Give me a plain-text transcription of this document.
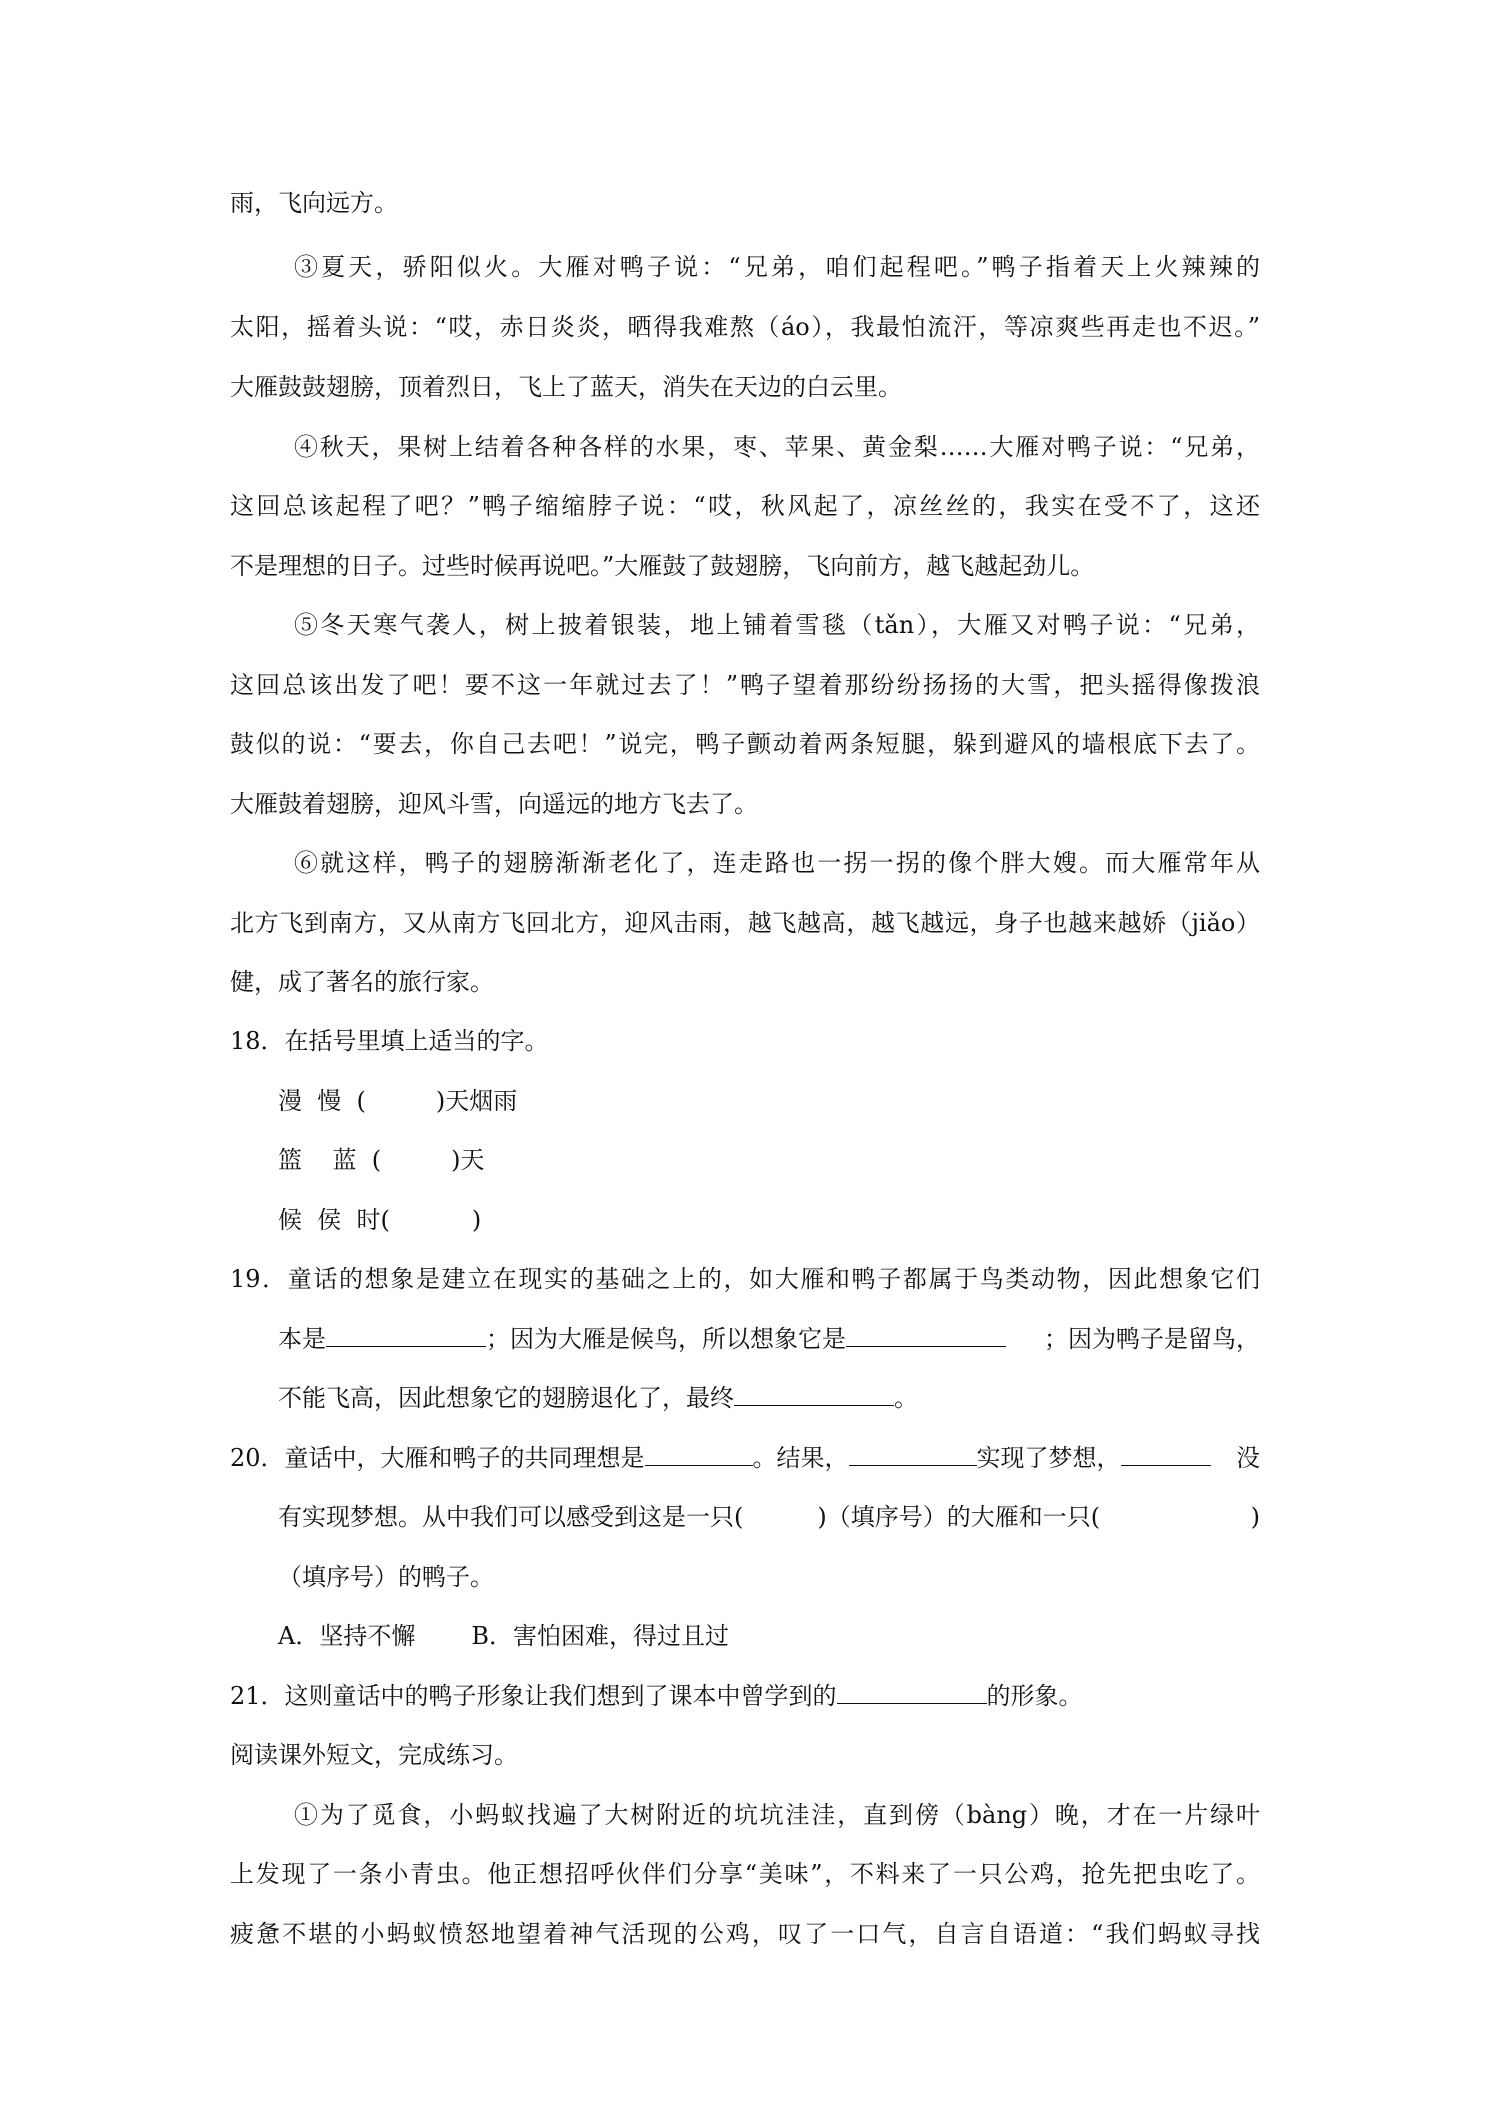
雨，飞向远方。
③夏天，骄阳似火。大雁对鸭子说：“兄弟，咱们起程吧。”鸭子指着天上火辣辣的
太阳，摇着头说：“哎，赤日炎炎，晒得我难熬（áo），我最怕流汗，等凉爽些再走也不迟。”
大雁鼓鼓翅膀，顶着烈日，飞上了蓝天，消失在天边的白云里。
④秋天，果树上结着各种各样的水果，枣、苹果、黄金梨……大雁对鸭子说：“兄弟，
这回总该起程了吧？”鸭子缩缩脖子说：“哎，秋风起了，凉丝丝的，我实在受不了，这还
不是理想的日子。过些时候再说吧。”大雁鼓了鼓翅膀，飞向前方，越飞越起劲儿。
⑤冬天寒气袭人，树上披着银装，地上铺着雪毯（tǎn），大雁又对鸭子说：“兄弟，
这回总该出发了吧！要不这一年就过去了！”鸭子望着那纷纷扬扬的大雪，把头摇得像拨浪
鼓似的说：“要去，你自己去吧！”说完，鸭子颤动着两条短腿，躲到避风的墙根底下去了。
大雁鼓着翅膀，迎风斗雪，向遥远的地方飞去了。
⑥就这样，鸭子的翅膀渐渐老化了，连走路也一拐一拐的像个胖大嫂。而大雁常年从
北方飞到南方，又从南方飞回北方，迎风击雨，越飞越高，越飞越远，身子也越来越娇（jiǎo）
健，成了著名的旅行家。
18．在括号里填上适当的字。
漫  慢  (	)天烟雨
篮    蓝  (	)天
候  侯  时(	)
19．童话的想象是建立在现实的基础之上的，如大雁和鸭子都属于鸟类动物，因此想象它们
本是	；因为大雁是候鸟，所以想象它是	；因为鸭子是留鸟，
不能飞高，因此想象它的翅膀退化了，最终	。
20．童话中，大雁和鸭子的共同理想是	。结果，	实现了梦想，	没
有实现梦想。从中我们可以感受到这是一只(	)（填序号）的大雁和一只(	)
（填序号）的鸭子。
A．坚持不懈 B．害怕困难，得过且过
21．这则童话中的鸭子形象让我们想到了课本中曾学到的	的形象。
阅读课外短文，完成练习。
①为了觅食，小蚂蚁找遍了大树附近的坑坑洼洼，直到傍（bàng）晚，才在一片绿叶
上发现了一条小青虫。他正想招呼伙伴们分享“美味”，不料来了一只公鸡，抢先把虫吃了。
疲惫不堪的小蚂蚁愤怒地望着神气活现的公鸡，叹了一口气，自言自语道：“我们蚂蚁寻找
